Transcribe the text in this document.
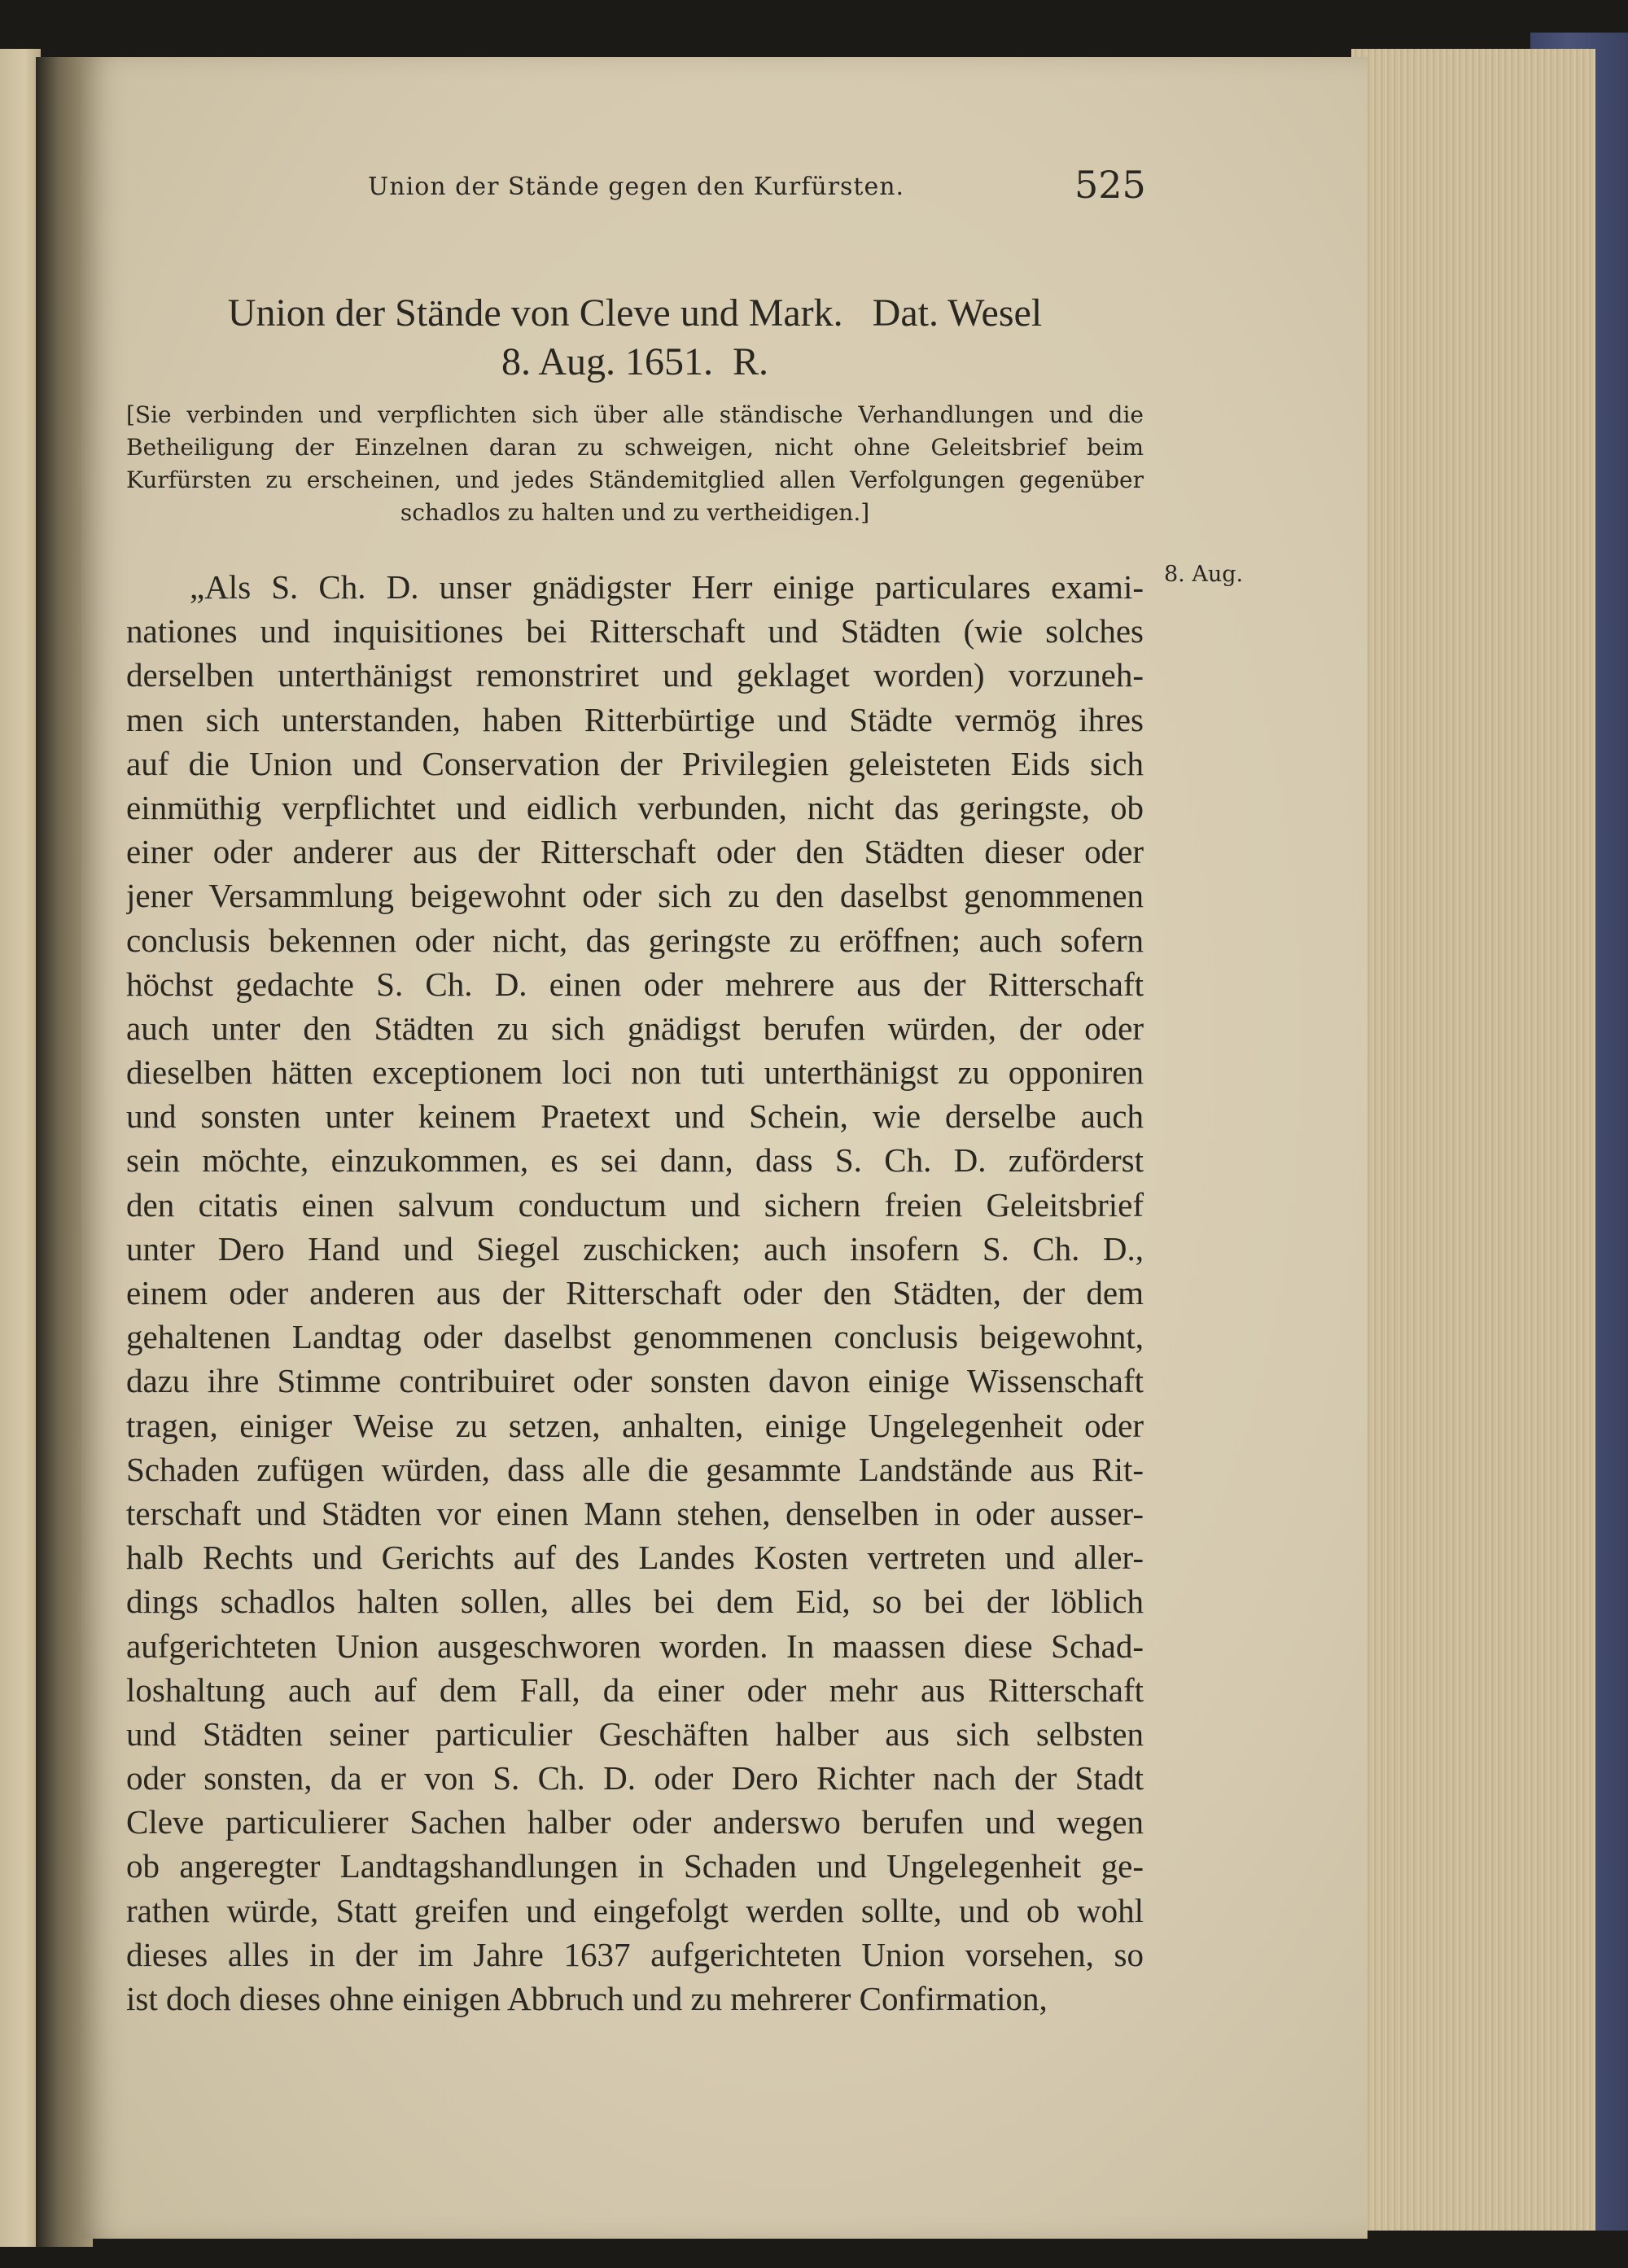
Union der Stände gegen den Kurfürsten.	525
Union der Stände von Cleve und Mark.   Dat. Wesel
8. Aug. 1651.  R.
[Sie verbinden und verpflichten sich über alle ständische Verhandlungen und die
Betheiligung der Einzelnen daran zu schweigen, nicht ohne Geleitsbrief beim
Kurfürsten zu erscheinen, und jedes Ständemitglied allen Verfolgungen gegenüber
schadlos zu halten und zu vertheidigen.]
8. Aug.
„Als S. Ch. D. unser gnädigster Herr einige particulares exami-
nationes und inquisitiones bei Ritterschaft und Städten (wie solches
derselben unterthänigst remonstriret und geklaget worden) vorzuneh-
men sich unterstanden, haben Ritterbürtige und Städte vermög ihres
auf die Union und Conservation der Privilegien geleisteten Eids sich
einmüthig verpflichtet und eidlich verbunden, nicht das geringste, ob
einer oder anderer aus der Ritterschaft oder den Städten dieser oder
jener Versammlung beigewohnt oder sich zu den daselbst genommenen
conclusis bekennen oder nicht, das geringste zu eröffnen; auch sofern
höchst gedachte S. Ch. D. einen oder mehrere aus der Ritterschaft
auch unter den Städten zu sich gnädigst berufen würden, der oder
dieselben hätten exceptionem loci non tuti unterthänigst zu opponiren
und sonsten unter keinem Praetext und Schein, wie derselbe auch
sein möchte, einzukommen, es sei dann, dass S. Ch. D. zuförderst
den citatis einen salvum conductum und sichern freien Geleitsbrief
unter Dero Hand und Siegel zuschicken; auch insofern S. Ch. D.,
einem oder anderen aus der Ritterschaft oder den Städten, der dem
gehaltenen Landtag oder daselbst genommenen conclusis beigewohnt,
dazu ihre Stimme contribuiret oder sonsten davon einige Wissenschaft
tragen, einiger Weise zu setzen, anhalten, einige Ungelegenheit oder
Schaden zufügen würden, dass alle die gesammte Landstände aus Rit-
terschaft und Städten vor einen Mann stehen, denselben in oder ausser-
halb Rechts und Gerichts auf des Landes Kosten vertreten und aller-
dings schadlos halten sollen, alles bei dem Eid, so bei der löblich
aufgerichteten Union ausgeschworen worden. In maassen diese Schad-
loshaltung auch auf dem Fall, da einer oder mehr aus Ritterschaft
und Städten seiner particulier Geschäften halber aus sich selbsten
oder sonsten, da er von S. Ch. D. oder Dero Richter nach der Stadt
Cleve particulierer Sachen halber oder anderswo berufen und wegen
ob angeregter Landtagshandlungen in Schaden und Ungelegenheit ge-
rathen würde, Statt greifen und eingefolgt werden sollte, und ob wohl
dieses alles in der im Jahre 1637 aufgerichteten Union vorsehen, so
ist doch dieses ohne einigen Abbruch und zu mehrerer Confirmation,
